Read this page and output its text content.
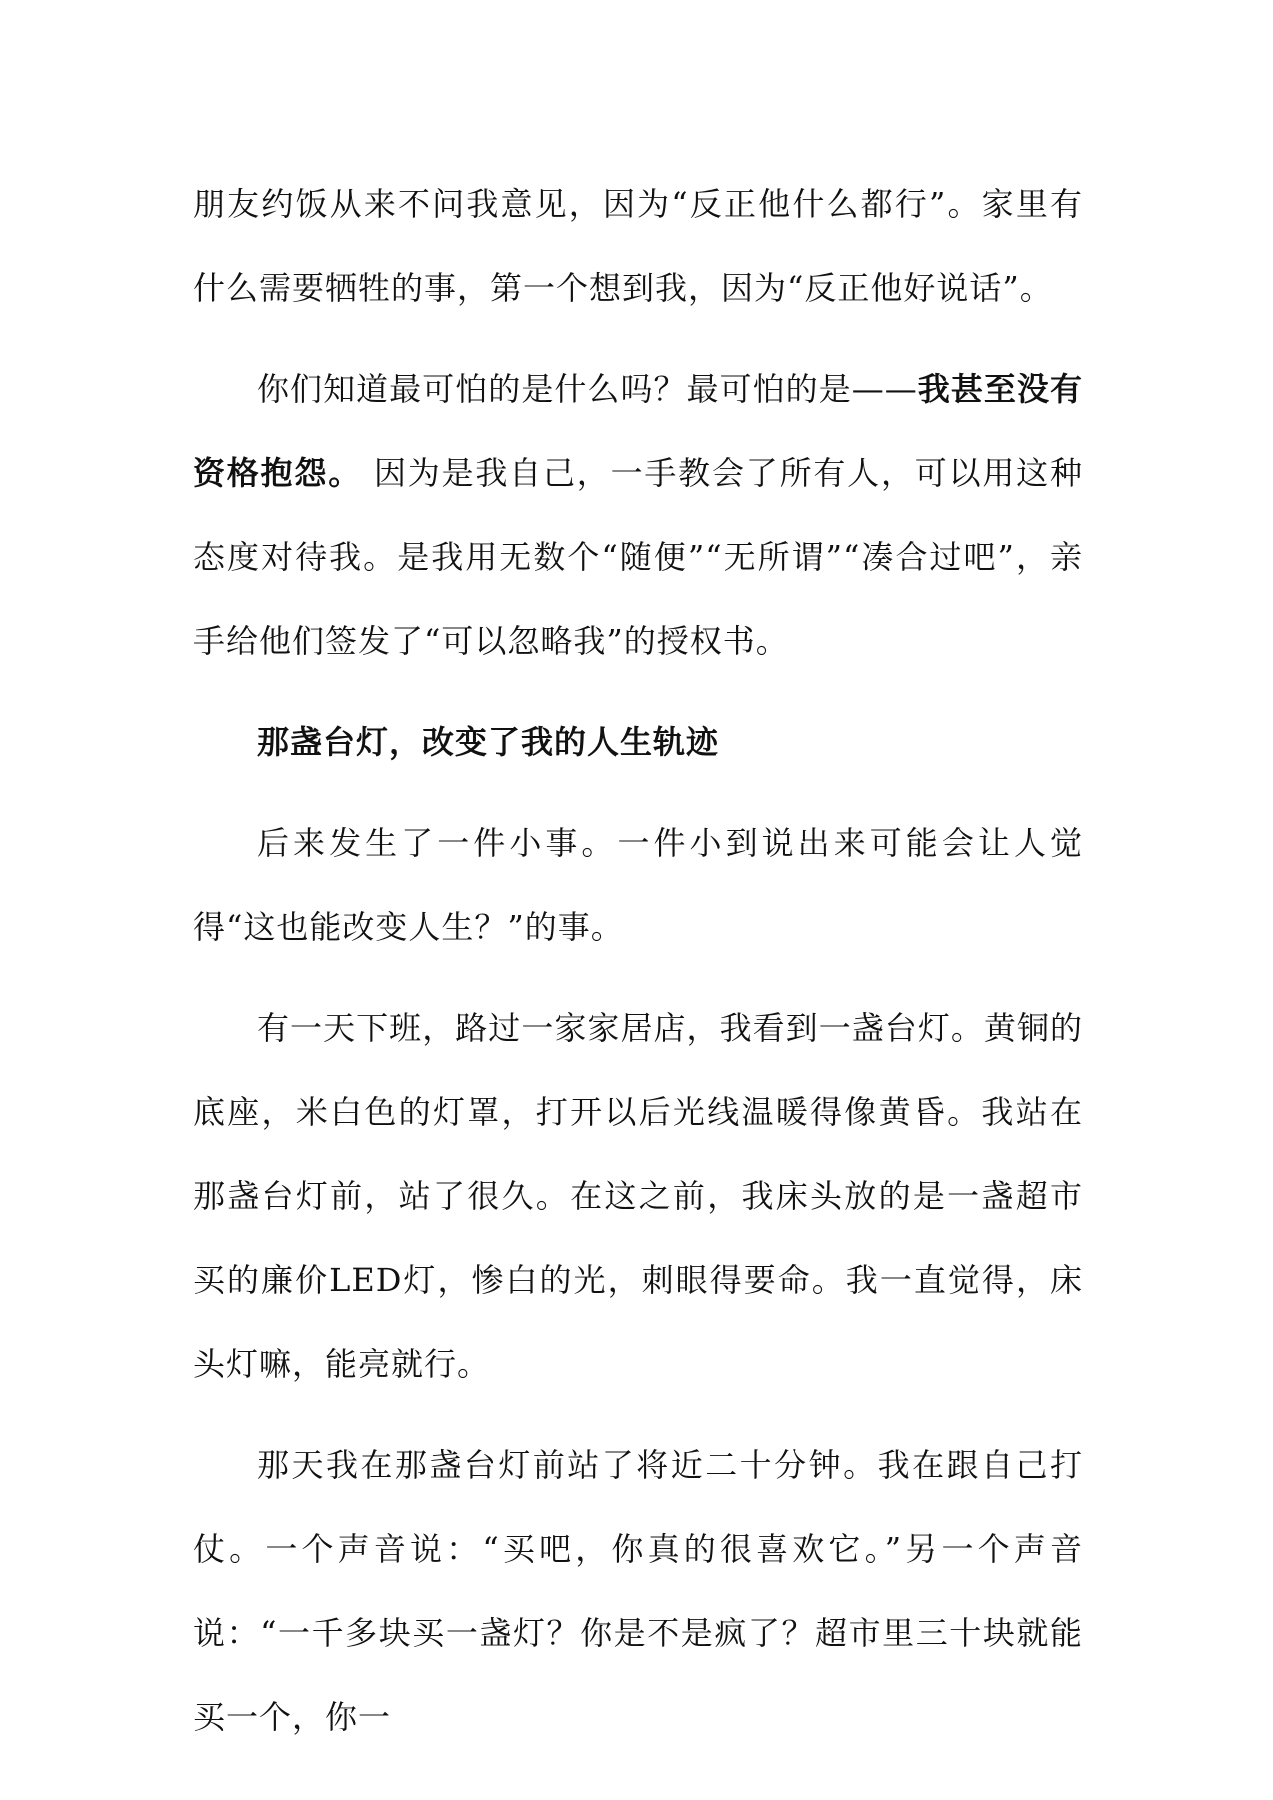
朋友约饭从来不问我意见，因为“反正他什么都行”。家里有什么需要牺牲的事，第一个想到我，因为“反正他好说话”。

你们知道最可怕的是什么吗？最可怕的是——我甚至没有资格抱怨。 因为是我自己，一手教会了所有人，可以用这种态度对待我。是我用无数个“随便”“无所谓”“凑合过吧”，亲手给他们签发了“可以忽略我”的授权书。

那盏台灯，改变了我的人生轨迹

后来发生了一件小事。一件小到说出来可能会让人觉得“这也能改变人生？”的事。

有一天下班，路过一家家居店，我看到一盏台灯。黄铜的底座，米白色的灯罩，打开以后光线温暖得像黄昏。我站在那盏台灯前，站了很久。在这之前，我床头放的是一盏超市买的廉价LED灯，惨白的光，刺眼得要命。我一直觉得，床头灯嘛，能亮就行。

那天我在那盏台灯前站了将近二十分钟。我在跟自己打仗。一个声音说：“买吧，你真的很喜欢它。”另一个声音说：“一千多块买一盏灯？你是不是疯了？超市里三十块就能买一个，你一
